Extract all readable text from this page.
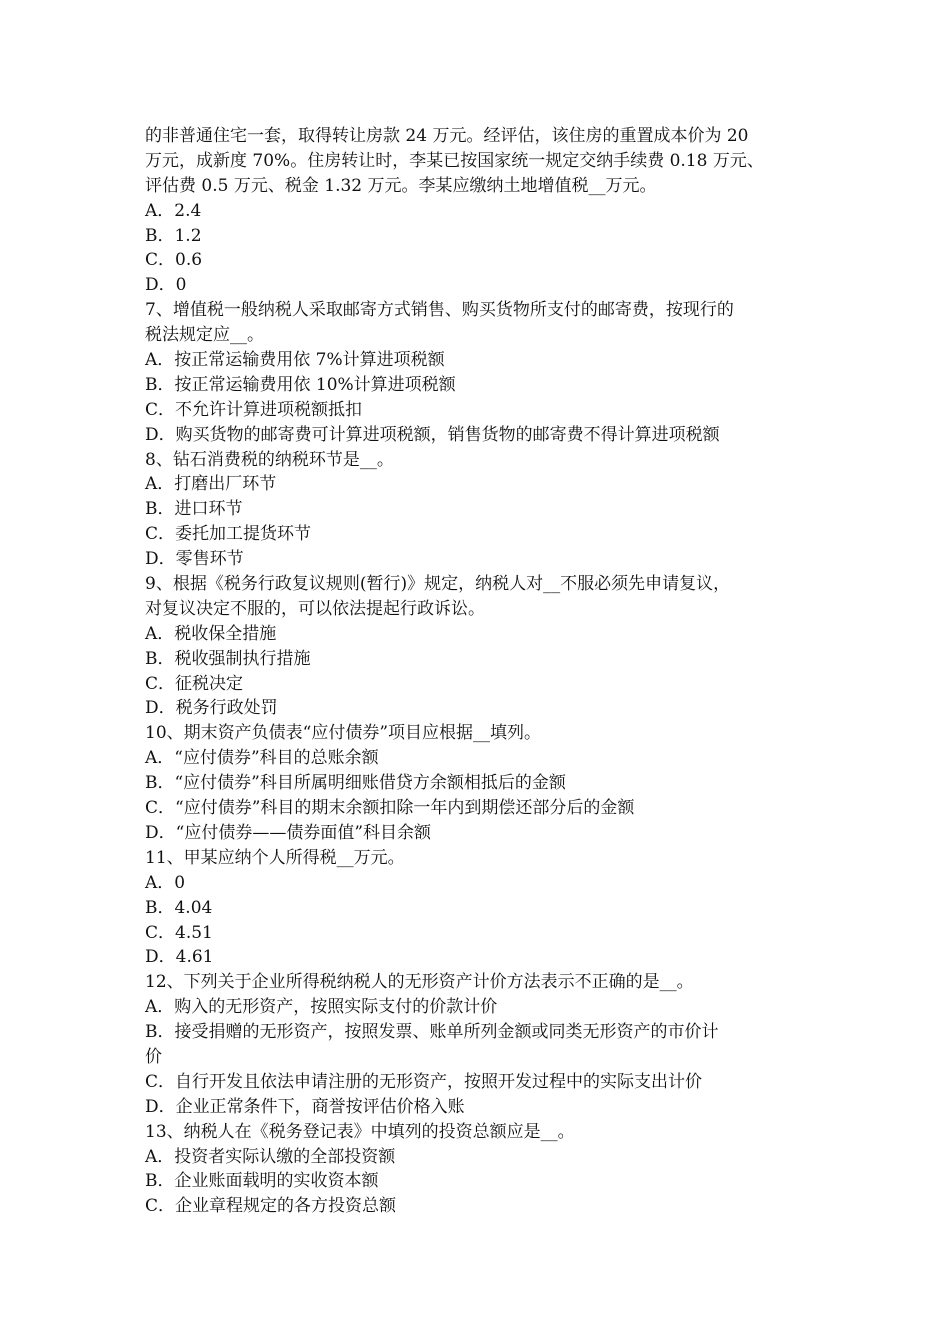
的非普通住宅一套，取得转让房款 24 万元。经评估，该住房的重置成本价为 20
万元，成新度 70%。住房转让时，李某已按国家统一规定交纳手续费 0.18 万元、
评估费 0.5 万元、税金 1.32 万元。李某应缴纳土地增值税__万元。
A．2.4
B．1.2
C．0.6
D．0
7、增值税一般纳税人采取邮寄方式销售、购买货物所支付的邮寄费，按现行的
税法规定应__。
A．按正常运输费用依 7%计算进项税额
B．按正常运输费用依 10%计算进项税额
C．不允许计算进项税额抵扣
D．购买货物的邮寄费可计算进项税额，销售货物的邮寄费不得计算进项税额
8、钻石消费税的纳税环节是__。
A．打磨出厂环节
B．进口环节
C．委托加工提货环节
D．零售环节
9、根据《税务行政复议规则(暂行)》规定，纳税人对__不服必须先申请复议，
对复议决定不服的，可以依法提起行政诉讼。
A．税收保全措施
B．税收强制执行措施
C．征税决定
D．税务行政处罚
10、期末资产负债表“应付债券”项目应根据__填列。
A．“应付债券”科目的总账余额
B．“应付债券”科目所属明细账借贷方余额相抵后的金额
C．“应付债券”科目的期末余额扣除一年内到期偿还部分后的金额
D．“应付债券——债券面值”科目余额
11、甲某应纳个人所得税__万元。
A．0
B．4.04
C．4.51
D．4.61
12、下列关于企业所得税纳税人的无形资产计价方法表示不正确的是__。
A．购入的无形资产，按照实际支付的价款计价
B．接受捐赠的无形资产，按照发票、账单所列金额或同类无形资产的市价计
价
C．自行开发且依法申请注册的无形资产，按照开发过程中的实际支出计价
D．企业正常条件下，商誉按评估价格入账
13、纳税人在《税务登记表》中填列的投资总额应是__。
A．投资者实际认缴的全部投资额
B．企业账面载明的实收资本额
C．企业章程规定的各方投资总额
